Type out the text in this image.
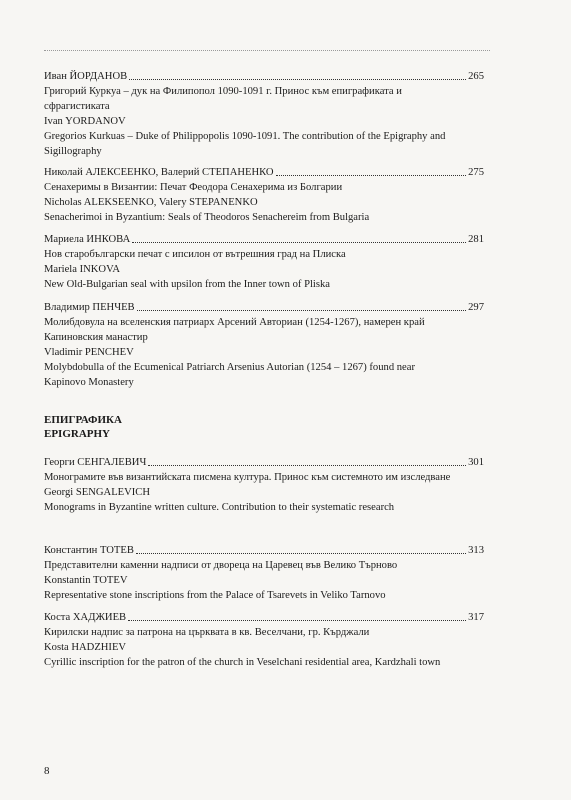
Иван ЙОРДАНОВ	265
Григорий Куркуа – дук на Филипопол 1090-1091 г. Принос към епиграфиката и
сфрагистиката
Ivan YORDANOV
Gregorios Kurkuas – Duke of Philippopolis 1090-1091. The contribution of the Epigraphy and
Sigillography
Николай АЛЕКСЕЕНКО, Валерий СТЕПАНЕНКО	275
Сенахеримы в Византии: Печат Феодора Сенахерима из Болгарии
Nicholas ALEKSEENKO, Valery STEPANENKO
Senacherimoi in Byzantium: Seals of Theodoros Senachereim from Bulgaria
Мариела ИНКОВА	281
Нов старобългарски печат с ипсилон от вътрешния град на Плиска
Mariela INKOVA
New Old-Bulgarian seal with upsilon from the Inner town of Pliska
Владимир ПЕНЧЕВ	297
Молибдовула на вселенския патриарх Арсений Авториан (1254-1267), намерен край
Капиновския манастир
Vladimir PENCHEV
Molybdobulla of the Ecumenical Patriarch Arsenius Autorian (1254 – 1267) found near
Kapinovo Monastery
ЕПИГРАФИКА
EPIGRAPHY
Георги СЕНГАЛЕВИЧ	301
Монограмите във византийската писмена култура. Принос към системното им изследване
Georgi SENGALEVICH
Monograms in Byzantine written culture. Contribution to their systematic research
Константин ТОТЕВ	313
Представителни каменни надписи от двореца на Царевец във Велико Търново
Konstantin TOTEV
Representative stone inscriptions from the Palace of Tsarevets in Veliko Tarnovo
Коста ХАДЖИЕВ	317
Кирилски надпис за патрона на църквата в кв. Веселчани, гр. Кърджали
Kosta HADZHIEV
Cyrillic inscription for the patron of the church in Veselchani residential area, Kardzhali town
8
